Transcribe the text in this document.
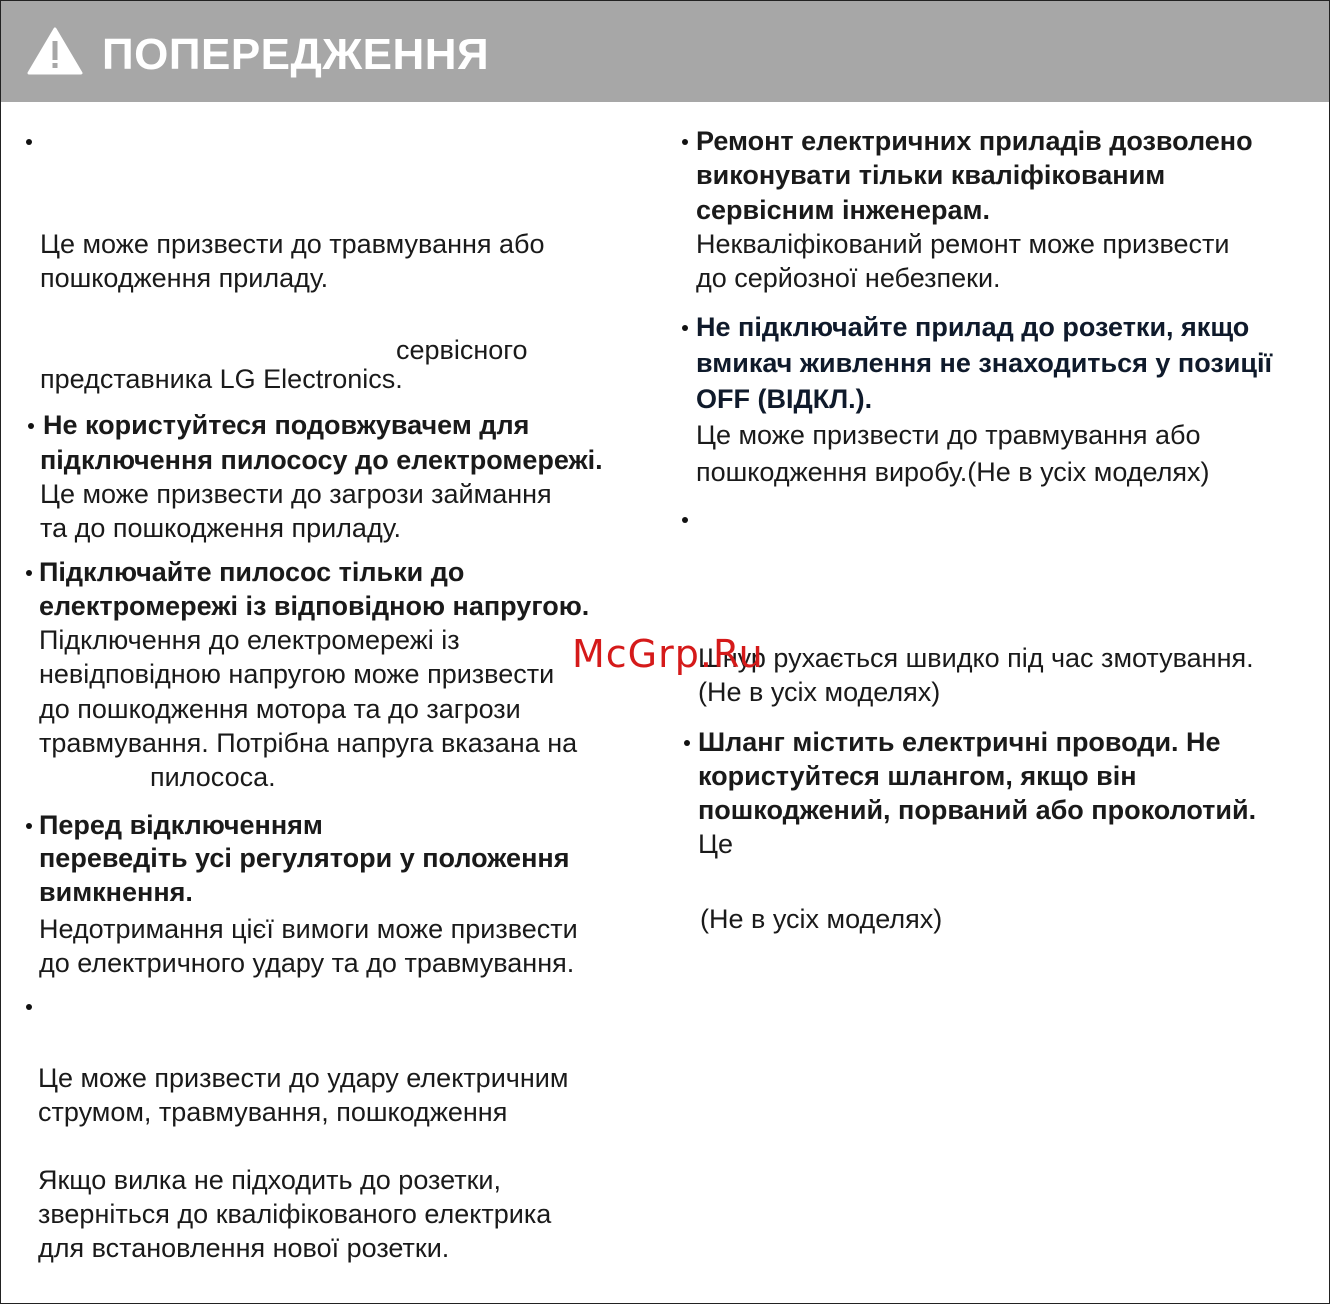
ПОПЕРЕДЖЕННЯ
Це може призвести до травмування або
пошкодження приладу.
сервісного
представника LG Electronics.
Не користуйтеся подовжувачем для
підключення пилососу до електромережі.
Це може призвести до загрози займання
та до пошкодження приладу.
Підключайте пилосос тільки до
електромережі із відповідною напругою.
Підключення до електромережі із
невідповідною напругою може призвести
до пошкодження мотора та до загрози
травмування. Потрібна напруга вказана на
пилососа.
Перед відключенням
переведіть усі регулятори у положення
вимкнення.
Недотримання цієї вимоги може призвести
до електричного удару та до травмування.
Це може призвести до удару електричним
струмом, травмування, пошкодження
Якщо вилка не підходить до розетки,
зверніться до кваліфікованого електрика
для встановлення нової розетки.
Ремонт електричних приладів дозволено
виконувати тільки кваліфікованим
сервісним інженерам.
Некваліфікований ремонт може призвести
до серйозної небезпеки.
Не підключайте прилад до розетки, якщо
вмикач живлення не знаходиться у позиції
OFF (ВІДКЛ.).
Це може призвести до травмування або
пошкодження виробу.(Не в усіх моделях)
Шнур рухається швидко під час змотування.
(Не в усіх моделях)
Шланг містить електричні проводи. Не
користуйтеся шлангом, якщо він
пошкоджений, порваний або проколотий.
Це
(Не в усіх моделях)
McGrp.Ru
